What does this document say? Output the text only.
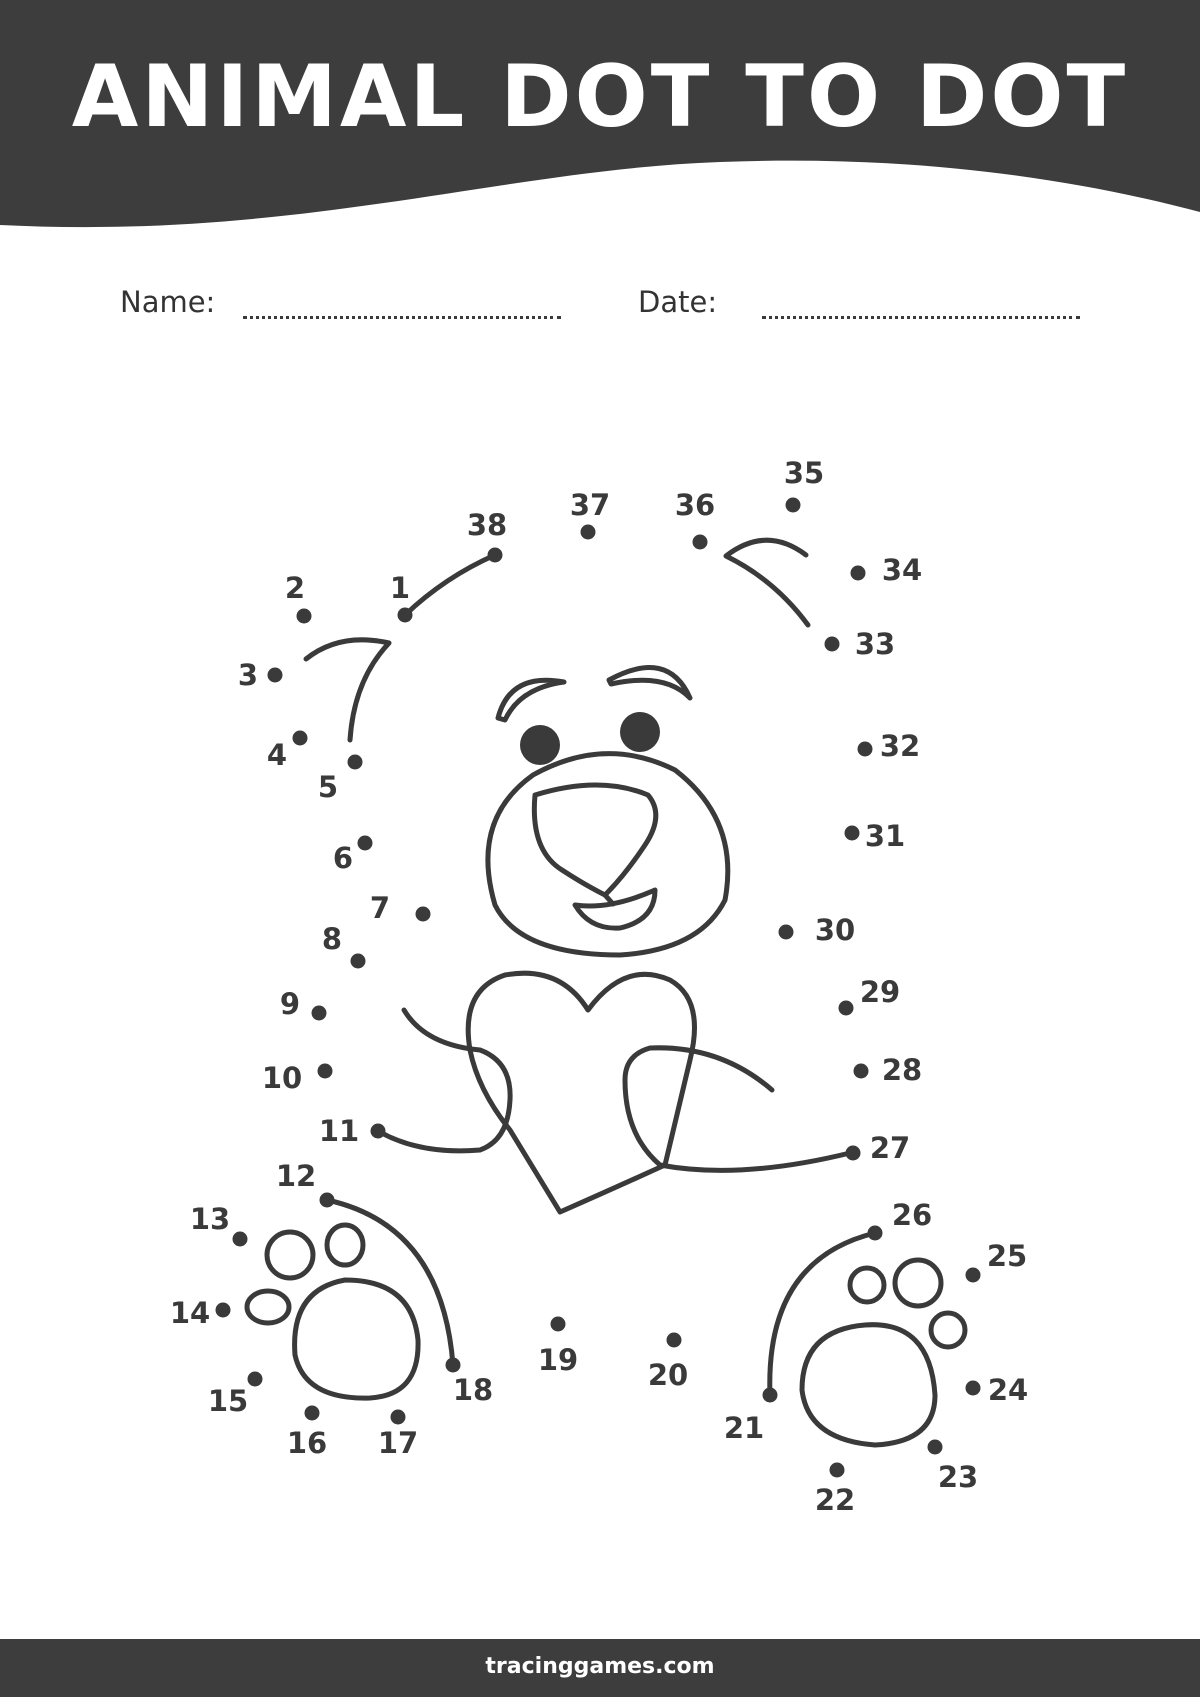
ANIMAL DOT TO DOT
Name:	Date:
1
2
3
4
5
6
7
8
9
10
11
12
13
14
15
16 17
18
19 20
21
22
23
24
25
26
27
28
29
30
31
32
33
34
35
36
37
38
tracinggames.com
